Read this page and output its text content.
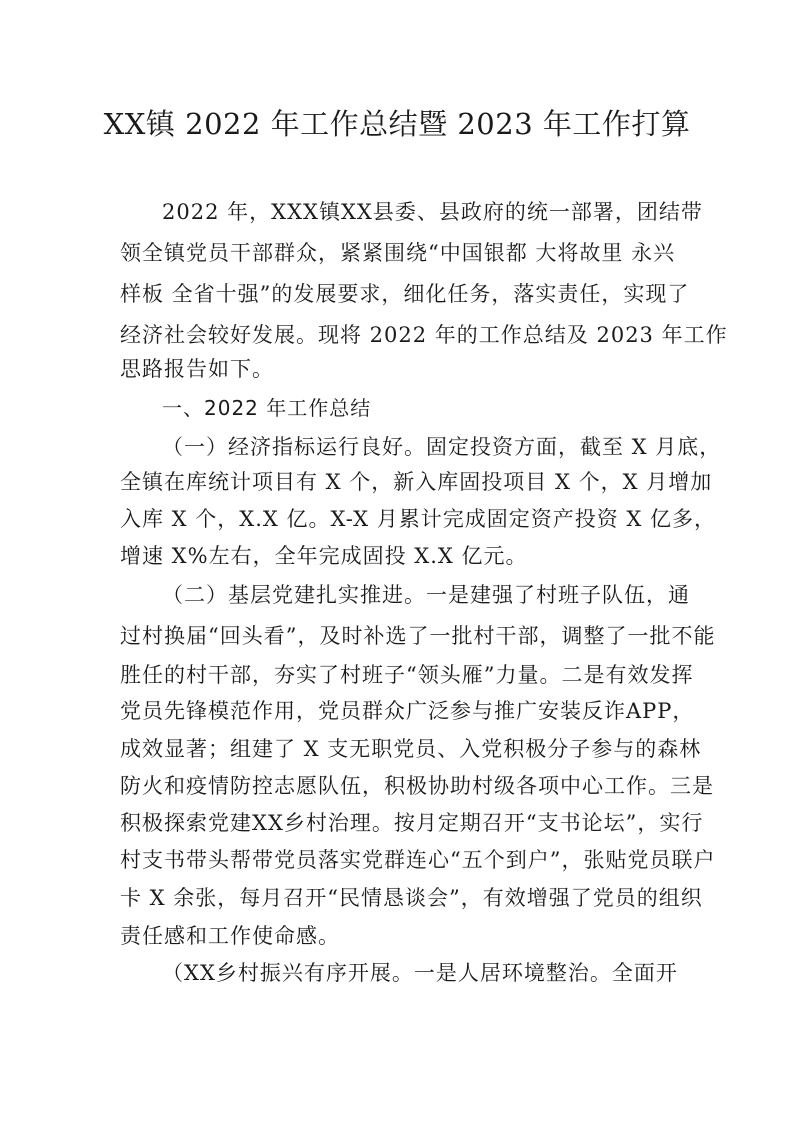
XX镇 2022 年工作总结暨 2023 年工作打算
2022 年，XXX镇XX县委、县政府的统一部署，团结带
领全镇党员干部群众，紧紧围绕“中国银都 大将故里 永兴
样板 全省十强”的发展要求，细化任务，落实责任，实现了
经济社会较好发展。现将 2022 年的工作总结及 2023 年工作
思路报告如下。
一、2022 年工作总结
（一）经济指标运行良好。固定投资方面，截至 X 月底，
全镇在库统计项目有 X 个，新入库固投项目 X 个，X 月增加
入库 X 个，X.X 亿。X-X 月累计完成固定资产投资 X 亿多，
增速 X%左右，全年完成固投 X.X 亿元。
（二）基层党建扎实推进。一是建强了村班子队伍，通
过村换届“回头看”，及时补选了一批村干部，调整了一批不能
胜任的村干部，夯实了村班子“领头雁”力量。二是有效发挥
党员先锋模范作用，党员群众广泛参与推广安装反诈APP，
成效显著；组建了 X 支无职党员、入党积极分子参与的森林
防火和疫情防控志愿队伍，积极协助村级各项中心工作。三是
积极探索党建XX乡村治理。按月定期召开“支书论坛”，实行
村支书带头帮带党员落实党群连心“五个到户”，张贴党员联户
卡 X 余张，每月召开“民情恳谈会”，有效增强了党员的组织
责任感和工作使命感。
（XX乡村振兴有序开展。一是人居环境整治。全面开
